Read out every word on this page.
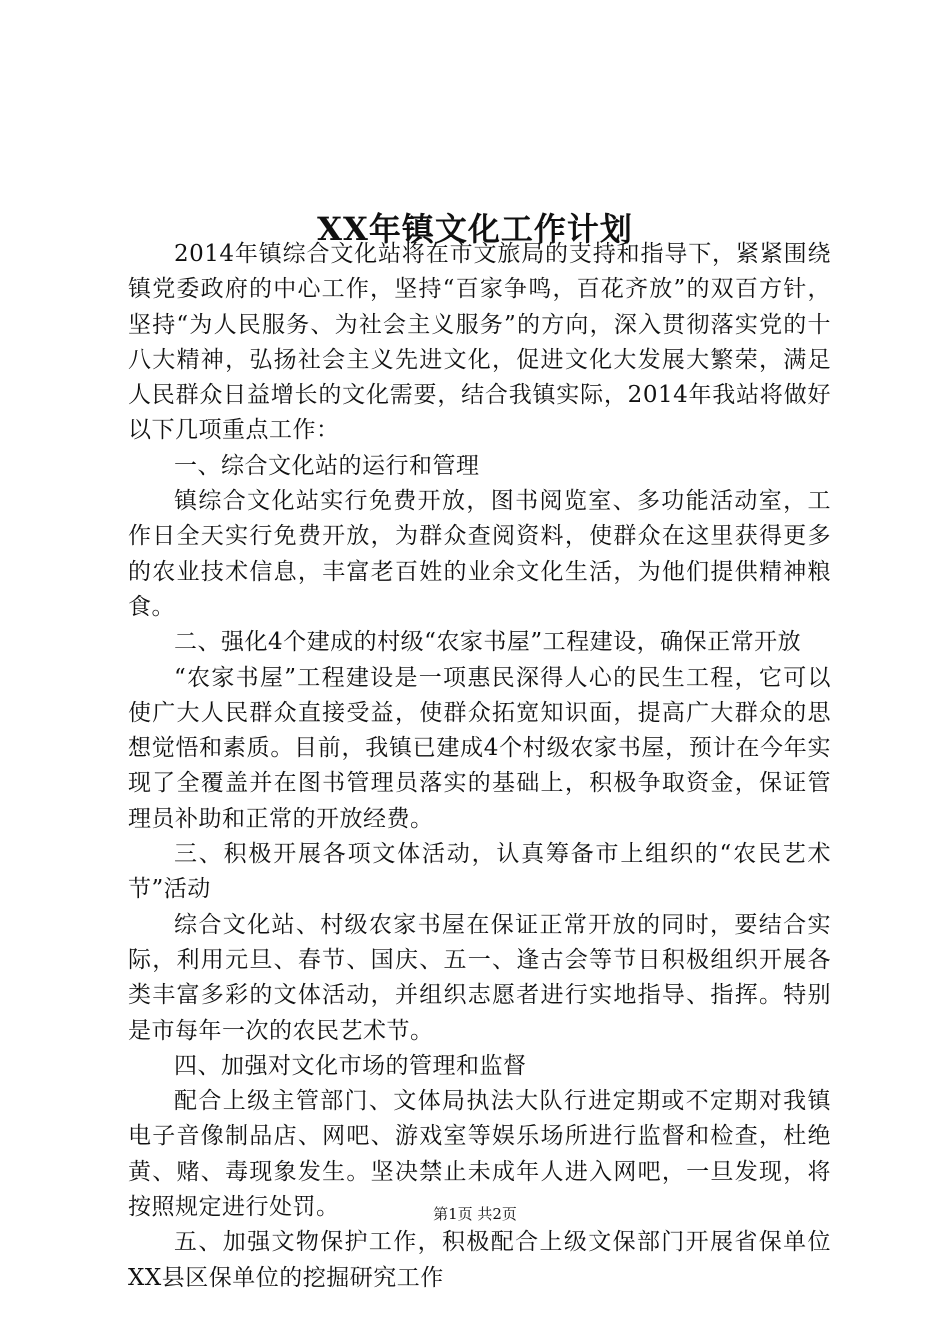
XX年镇文化工作计划

2014年镇综合文化站将在市文旅局的支持和指导下，紧紧围绕镇党委政府的中心工作，坚持“百家争鸣，百花齐放”的双百方针，坚持“为人民服务、为社会主义服务”的方向，深入贯彻落实党的十八大精神，弘扬社会主义先进文化，促进文化大发展大繁荣，满足人民群众日益增长的文化需要，结合我镇实际，2014年我站将做好以下几项重点工作：

一、综合文化站的运行和管理

镇综合文化站实行免费开放，图书阅览室、多功能活动室，工作日全天实行免费开放，为群众查阅资料，使群众在这里获得更多的农业技术信息，丰富老百姓的业余文化生活，为他们提供精神粮食。

二、强化4个建成的村级“农家书屋”工程建设，确保正常开放

“农家书屋”工程建设是一项惠民深得人心的民生工程，它可以使广大人民群众直接受益，使群众拓宽知识面，提高广大群众的思想觉悟和素质。目前，我镇已建成4个村级农家书屋，预计在今年实现了全覆盖并在图书管理员落实的基础上，积极争取资金，保证管理员补助和正常的开放经费。

三、积极开展各项文体活动，认真筹备市上组织的“农民艺术节”活动

综合文化站、村级农家书屋在保证正常开放的同时，要结合实际，利用元旦、春节、国庆、五一、逢古会等节日积极组织开展各类丰富多彩的文体活动，并组织志愿者进行实地指导、指挥。特别是市每年一次的农民艺术节。

四、加强对文化市场的管理和监督

配合上级主管部门、文体局执法大队行进定期或不定期对我镇电子音像制品店、网吧、游戏室等娱乐场所进行监督和检查，杜绝黄、赌、毒现象发生。坚决禁止未成年人进入网吧，一旦发现，将按照规定进行处罚。

五、加强文物保护工作，积极配合上级文保部门开展省保单位XX县区保单位的挖掘研究工作

第1页 共2页
